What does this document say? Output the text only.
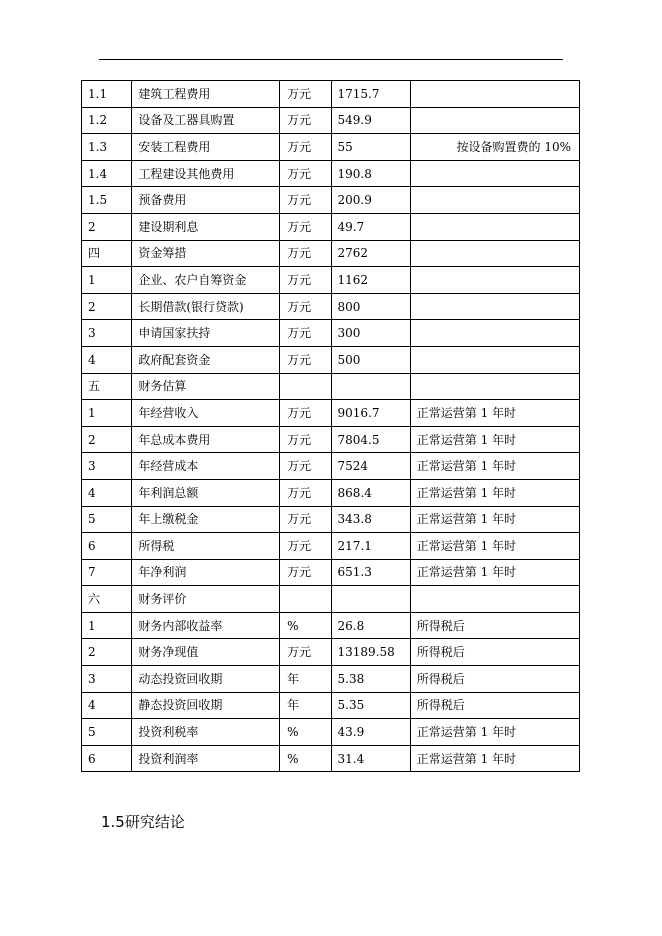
1.1	建筑工程费用	万元	1715.7	
1.2	设备及工器具购置	万元	549.9	
1.3	安装工程费用	万元	55	按设备购置费的 10%
1.4	工程建设其他费用	万元	190.8	
1.5	预备费用	万元	200.9	
2	建设期利息	万元	49.7	
四	资金筹措	万元	2762	
1	企业、农户自筹资金	万元	1162	
2	长期借款(银行贷款)	万元	800	
3	申请国家扶持	万元	300	
4	政府配套资金	万元	500	
五	财务估算			
1	年经营收入	万元	9016.7	正常运营第 1 年时
2	年总成本费用	万元	7804.5	正常运营第 1 年时
3	年经营成本	万元	7524	正常运营第 1 年时
4	年利润总额	万元	868.4	正常运营第 1 年时
5	年上缴税金	万元	343.8	正常运营第 1 年时
6	所得税	万元	217.1	正常运营第 1 年时
7	年净利润	万元	651.3	正常运营第 1 年时
六	财务评价			
1	财务内部收益率	%	26.8	所得税后
2	财务净现值	万元	13189.58	所得税后
3	动态投资回收期	年	5.38	所得税后
4	静态投资回收期	年	5.35	所得税后
5	投资利税率	%	43.9	正常运营第 1 年时
6	投资利润率	%	31.4	正常运营第 1 年时
1.5研究结论
